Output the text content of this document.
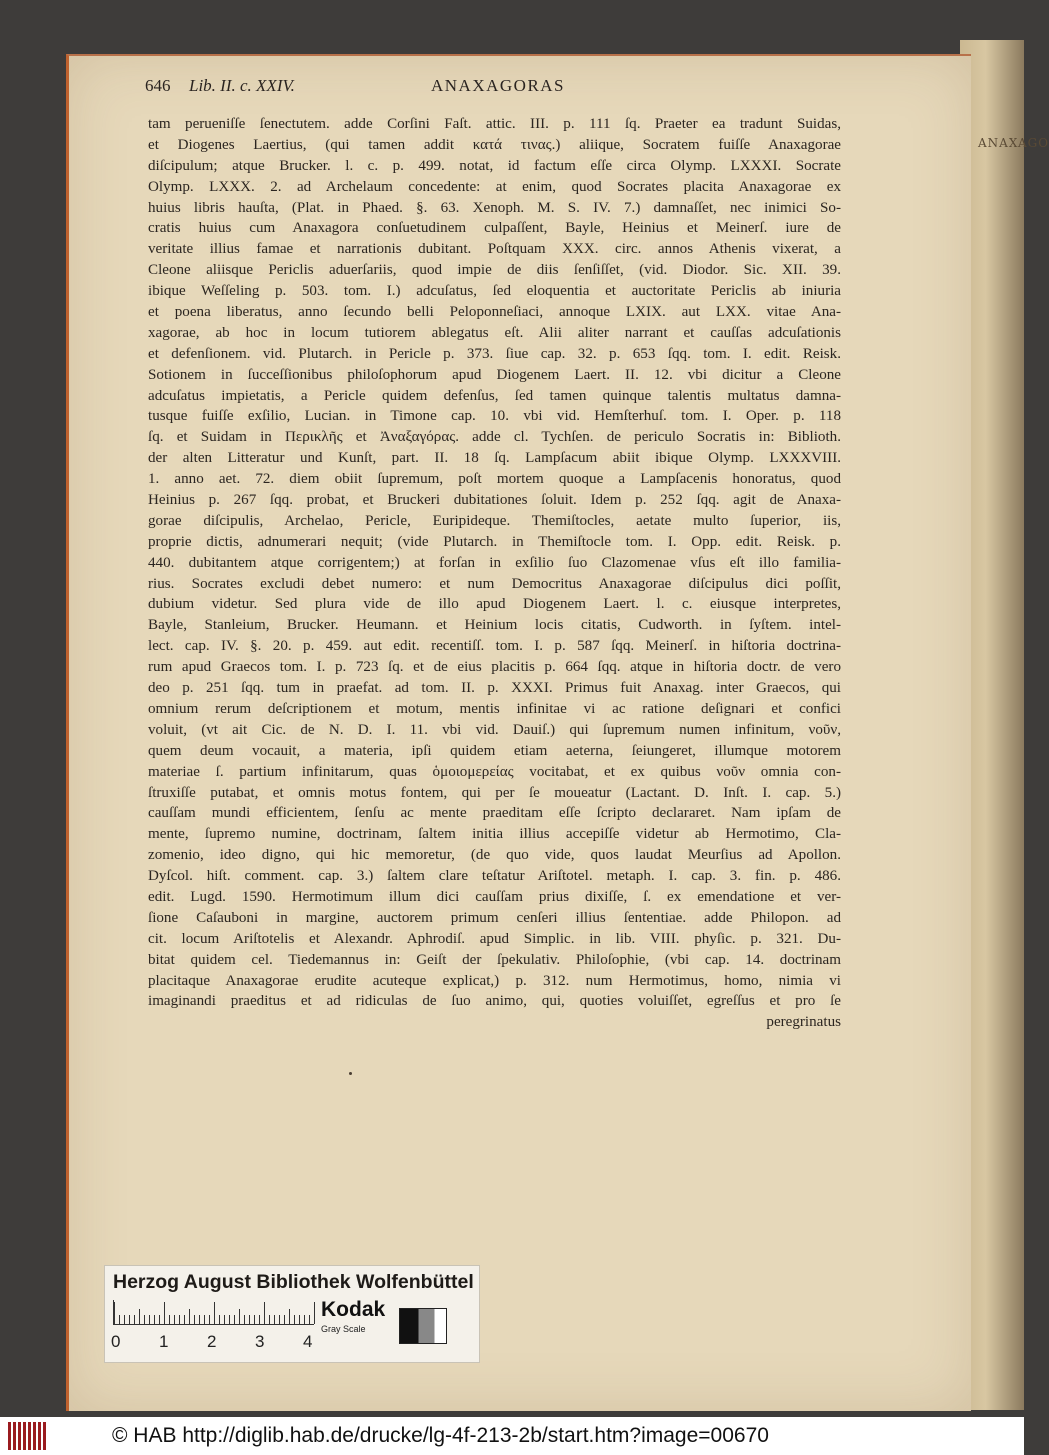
ANAXAGO
646 Lib. II. c. XXIV.	ANAXAGORAS
tam perueniſſe ſenectutem. adde Corſini Faſt. attic. III. p. 111 ſq. Praeter ea tradunt Suidas,
et Diogenes Laertius, (qui tamen addit κατά τινας.) aliique, Socratem fuiſſe Anaxagorae
diſcipulum; atque Brucker. l. c. p. 499. notat, id factum eſſe circa Olymp. LXXXI. Socrate
Olymp. LXXX. 2. ad Archelaum concedente: at enim, quod Socrates placita Anaxagorae ex
huius libris hauſta, (Plat. in Phaed. §. 63. Xenoph. M. S. IV. 7.) damnaſſet, nec inimici So-
cratis huius cum Anaxagora conſuetudinem culpaſſent, Bayle, Heinius et Meinerſ. iure de
veritate illius famae et narrationis dubitant. Poſtquam XXX. circ. annos Athenis vixerat, a
Cleone aliisque Periclis aduerſariis, quod impie de diis ſenſiſſet, (vid. Diodor. Sic. XII. 39.
ibique Weſſeling p. 503. tom. I.) adcuſatus, ſed eloquentia et auctoritate Periclis ab iniuria
et poena liberatus, anno ſecundo belli Peloponneſiaci, annoque LXIX. aut LXX. vitae Ana-
xagorae, ab hoc in locum tutiorem ablegatus eſt. Alii aliter narrant et cauſſas adcuſationis
et defenſionem. vid. Plutarch. in Pericle p. 373. ſiue cap. 32. p. 653 ſqq. tom. I. edit. Reisk.
Sotionem in ſucceſſionibus philoſophorum apud Diogenem Laert. II. 12. vbi dicitur a Cleone
adcuſatus impietatis, a Pericle quidem defenſus, ſed tamen quinque talentis multatus damna-
tusque fuiſſe exſilio, Lucian. in Timone cap. 10. vbi vid. Hemſterhuſ. tom. I. Oper. p. 118
ſq. et Suidam in Περικλῆς et Ἀναξαγόρας. adde cl. Tychſen. de periculo Socratis in: Biblioth.
der alten Litteratur und Kunſt, part. II. 18 ſq. Lampſacum abiit ibique Olymp. LXXXVIII.
1. anno aet. 72. diem obiit ſupremum, poſt mortem quoque a Lampſacenis honoratus, quod
Heinius p. 267 ſqq. probat, et Bruckeri dubitationes ſoluit. Idem p. 252 ſqq. agit de Anaxa-
gorae diſcipulis, Archelao, Pericle, Euripideque. Themiſtocles, aetate multo ſuperior, iis,
proprie dictis, adnumerari nequit; (vide Plutarch. in Themiſtocle tom. I. Opp. edit. Reisk. p.
440. dubitantem atque corrigentem;) at forſan in exſilio ſuo Clazomenae vſus eſt illo familia-
rius. Socrates excludi debet numero: et num Democritus Anaxagorae diſcipulus dici poſſit,
dubium videtur. Sed plura vide de illo apud Diogenem Laert. l. c. eiusque interpretes,
Bayle, Stanleium, Brucker. Heumann. et Heinium locis citatis, Cudworth. in ſyſtem. intel-
lect. cap. IV. §. 20. p. 459. aut edit. recentiſſ. tom. I. p. 587 ſqq. Meinerſ. in hiſtoria doctrina-
rum apud Graecos tom. I. p. 723 ſq. et de eius placitis p. 664 ſqq. atque in hiſtoria doctr. de vero
deo p. 251 ſqq. tum in praefat. ad tom. II. p. XXXI. Primus fuit Anaxag. inter Graecos, qui
omnium rerum deſcriptionem et motum, mentis infinitae vi ac ratione deſignari et confici
voluit, (vt ait Cic. de N. D. I. 11. vbi vid. Dauiſ.) qui ſupremum numen infinitum, νοῦν,
quem deum vocauit, a materia, ipſi quidem etiam aeterna, ſeiungeret, illumque motorem
materiae ſ. partium infinitarum, quas ὁμοιομερείας vocitabat, et ex quibus νοῦν omnia con-
ſtruxiſſe putabat, et omnis motus fontem, qui per ſe moueatur (Lactant. D. Inſt. I. cap. 5.)
cauſſam mundi efficientem, ſenſu ac mente praeditam eſſe ſcripto declararet. Nam ipſam de
mente, ſupremo numine, doctrinam, ſaltem initia illius accepiſſe videtur ab Hermotimo, Cla-
zomenio, ideo digno, qui hic memoretur, (de quo vide, quos laudat Meurſius ad Apollon.
Dyſcol. hiſt. comment. cap. 3.) ſaltem clare teſtatur Ariſtotel. metaph. I. cap. 3. fin. p. 486.
edit. Lugd. 1590. Hermotimum illum dici cauſſam prius dixiſſe, ſ. ex emendatione et ver-
ſione Caſauboni in margine, auctorem primum cenſeri illius ſententiae. adde Philopon. ad
cit. locum Ariſtotelis et Alexandr. Aphrodiſ. apud Simplic. in lib. VIII. phyſic. p. 321. Du-
bitat quidem cel. Tiedemannus in: Geiſt der ſpekulativ. Philoſophie, (vbi cap. 14. doctrinam
placitaque Anaxagorae erudite acuteque explicat,) p. 312. num Hermotimus, homo, nimia vi
imaginandi praeditus et ad ridiculas de ſuo animo, qui, quoties voluiſſet, egreſſus et pro ſe
peregrinatus
Herzog August Bibliothek Wolfenbüttel
0 1 2 3 4
Kodak
Gray Scale
© HAB http://diglib.hab.de/drucke/lg-4f-213-2b/start.htm?image=00670
